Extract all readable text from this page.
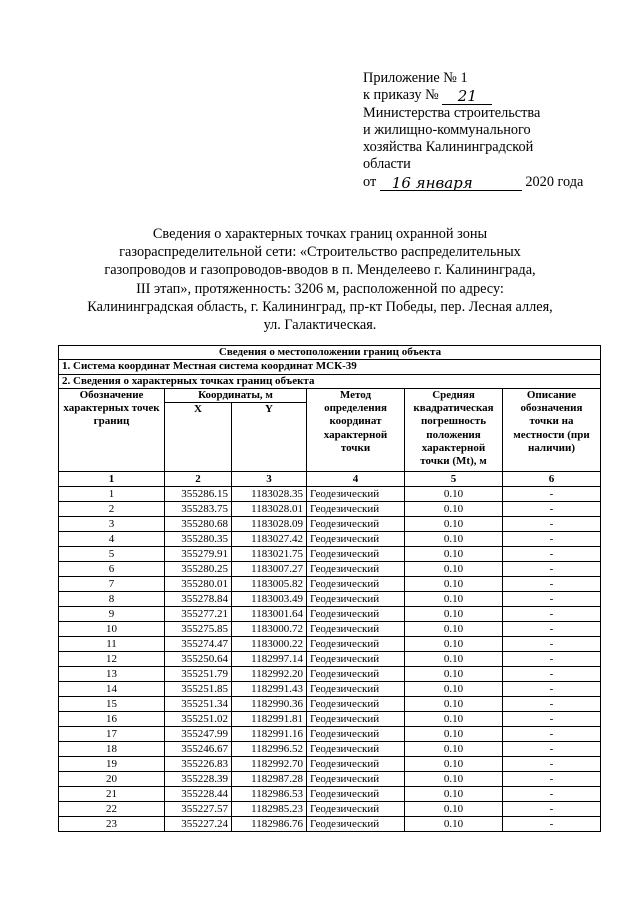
Приложение № 1
к приказу № 21
Министерства строительства
и жилищно-коммунального
хозяйства Калининградской
области
от 16 января	2020 года
Сведения о характерных точках границ охранной зоны
газораспределительной сети: «Строительство распределительных
газопроводов и газопроводов-вводов в п. Менделеево г. Калининграда,
III этап», протяженность: 3206 м, расположенной по адресу:
Калининградская область, г. Калининград, пр-кт Победы, пер. Лесная аллея,
ул. Галактическая.
Сведения о местоположении границ объекта					
1. Система координат Местная система координат МСК-39					
2. Сведения о характерных точках границ объекта					
Обозначение характерных точек границ	Координаты, м		Метод определения координат характерной точки	Средняя квадратическая погрешность положения характерной точки (Mt), м	Описание обозначения точки на местности (при наличии)
	X	Y			
1	2	3	4	5	6
1	355286.15	1183028.35	Геодезический	0.10	-
2	355283.75	1183028.01	Геодезический	0.10	-
3	355280.68	1183028.09	Геодезический	0.10	-
4	355280.35	1183027.42	Геодезический	0.10	-
5	355279.91	1183021.75	Геодезический	0.10	-
6	355280.25	1183007.27	Геодезический	0.10	-
7	355280.01	1183005.82	Геодезический	0.10	-
8	355278.84	1183003.49	Геодезический	0.10	-
9	355277.21	1183001.64	Геодезический	0.10	-
10	355275.85	1183000.72	Геодезический	0.10	-
11	355274.47	1183000.22	Геодезический	0.10	-
12	355250.64	1182997.14	Геодезический	0.10	-
13	355251.79	1182992.20	Геодезический	0.10	-
14	355251.85	1182991.43	Геодезический	0.10	-
15	355251.34	1182990.36	Геодезический	0.10	-
16	355251.02	1182991.81	Геодезический	0.10	-
17	355247.99	1182991.16	Геодезический	0.10	-
18	355246.67	1182996.52	Геодезический	0.10	-
19	355226.83	1182992.70	Геодезический	0.10	-
20	355228.39	1182987.28	Геодезический	0.10	-
21	355228.44	1182986.53	Геодезический	0.10	-
22	355227.57	1182985.23	Геодезический	0.10	-
23	355227.24	1182986.76	Геодезический	0.10	-
